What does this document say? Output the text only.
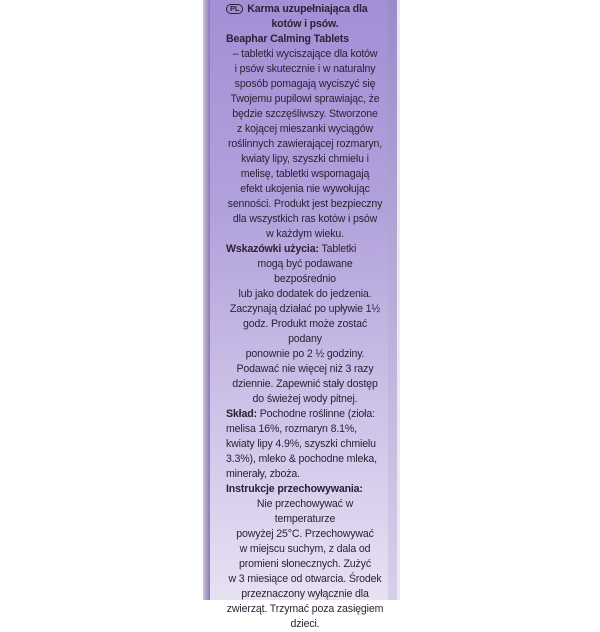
PL Karma uzupełniająca dla

kotów i psów.

Beaphar Calming Tablets

– tabletki wyciszające dla kotów

i psów skutecznie i w naturalny

sposób pomagają wyciszyć się

Twojemu pupilowi sprawiając, że

będzie szczęśliwszy. Stworzone

z kojącej mieszanki wyciągów

roślinnych zawierającej rozmaryn,

kwiaty lipy, szyszki chmielu i

melisę, tabletki wspomagają

efekt ukojenia nie wywołując

senności. Produkt jest bezpieczny

dla wszystkich ras kotów i psów

w każdym wieku.

Wskazówki użycia: Tabletki

mogą być podawane bezpośrednio

lub jako dodatek do jedzenia.

Zaczynają działać po upływie 1½

godz. Produkt może zostać podany

ponownie po 2 ½ godziny.

Podawać nie więcej niż 3 razy

dziennie. Zapewnić stały dostęp

do świeżej wody pitnej.

Skład: Pochodne roślinne (zioła:

melisa 16%, rozmaryn 8.1%,

kwiaty lipy 4.9%, szyszki chmielu

3.3%), mleko & pochodne mleka,

minerały, zboża.

Instrukcje przechowywania:

Nie przechowywać w temperaturze

powyżej 25°C. Przechowywać

w miejscu suchym, z dala od

promieni słonecznych. Zużyć

w 3 miesiące od otwarcia. Środek

przeznaczony wyłącznie dla

zwierząt. Trzymać poza zasięgiem

dzieci.
